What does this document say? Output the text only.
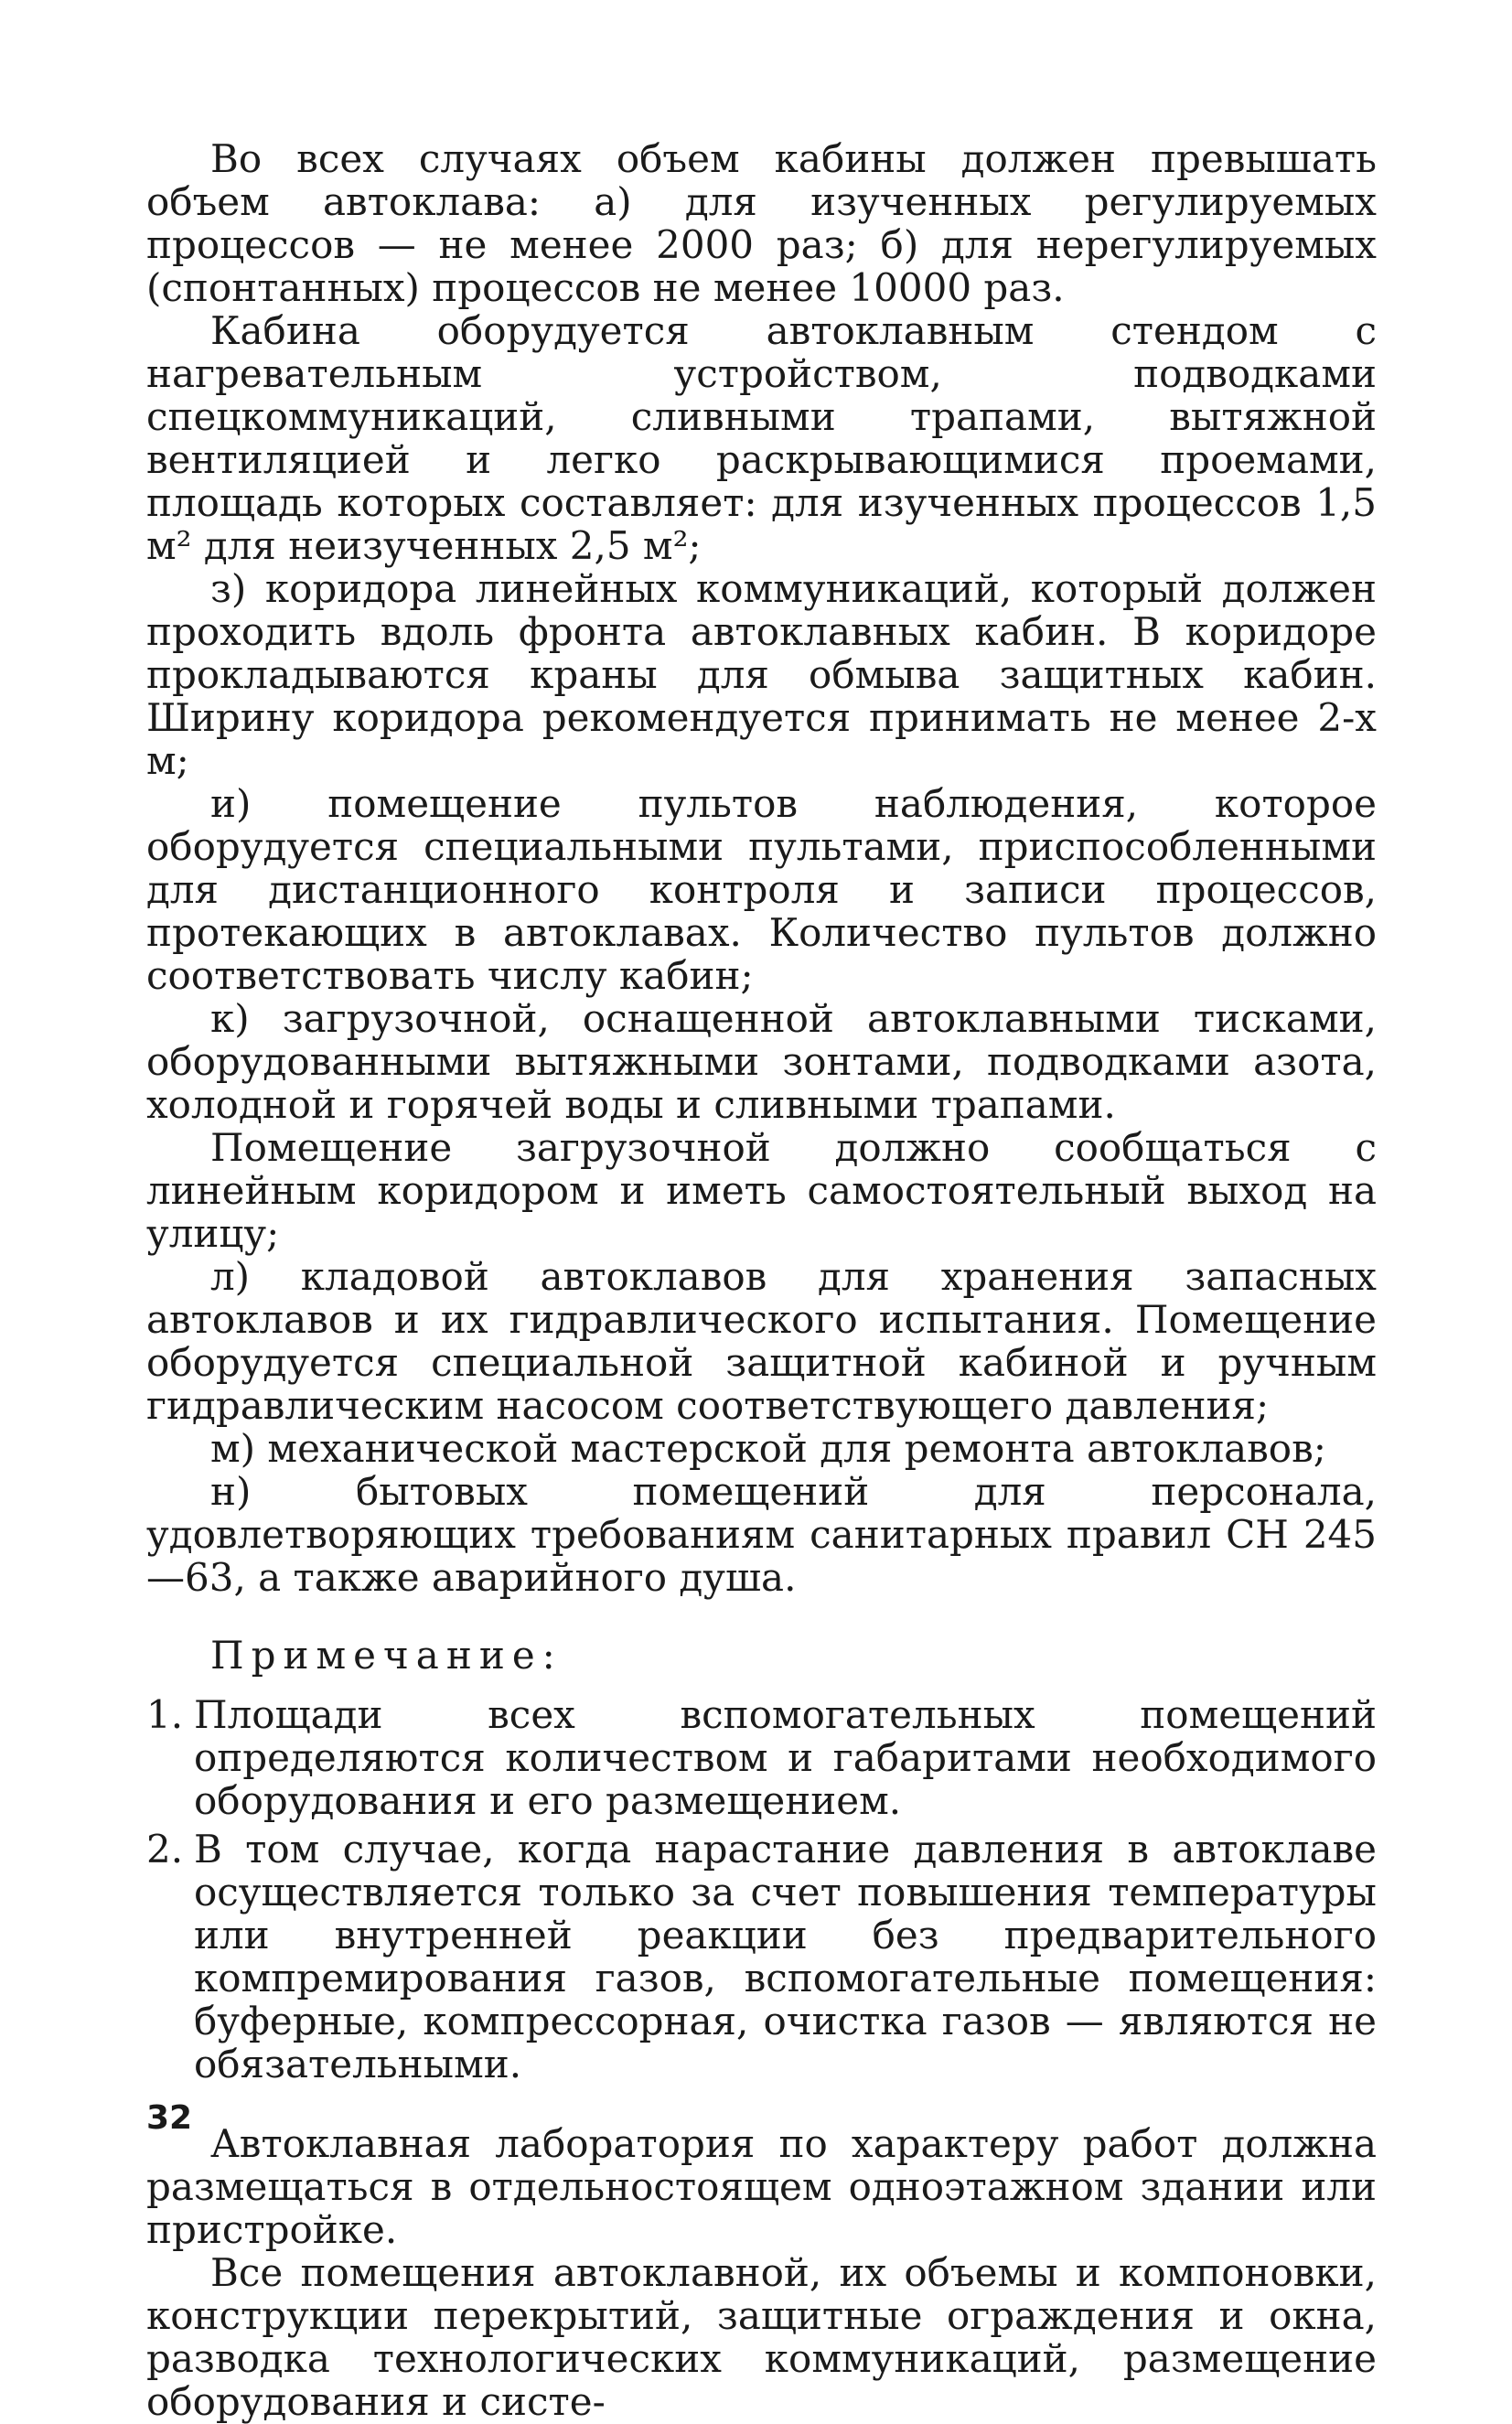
Во всех случаях объем кабины должен превышать объем автоклава: а) для изученных регулируемых процессов — не менее 2000 раз; б) для нерегулируемых (спонтанных) процессов не менее 10000 раз.

Кабина оборудуется автоклавным стендом с нагревательным устройством, подводками спецкоммуникаций, сливными трапами, вытяжной вентиляцией и легко раскрывающимися проемами, площадь которых составляет: для изученных процессов 1,5 м² для неизученных 2,5 м²;

з) коридора линейных коммуникаций, который должен проходить вдоль фронта автоклавных кабин. В коридоре прокладываются краны для обмыва защитных кабин. Ширину коридора рекомендуется принимать не менее 2-х м;

и) помещение пультов наблюдения, которое оборудуется специальными пультами, приспособленными для дистанционного контроля и записи процессов, протекающих в автоклавах. Количество пультов должно соответствовать числу кабин;

к) загрузочной, оснащенной автоклавными тисками, оборудованными вытяжными зонтами, подводками азота, холодной и горячей воды и сливными трапами.

Помещение загрузочной должно сообщаться с линейным коридором и иметь самостоятельный выход на улицу;

л) кладовой автоклавов для хранения запасных автоклавов и их гидравлического испытания. Помещение оборудуется специальной защитной кабиной и ручным гидравлическим насосом соответствующего давления;

м) механической мастерской для ремонта автоклавов;

н) бытовых помещений для персонала, удовлетворяющих требованиям санитарных правил СН 245—63, а также аварийного душа.

Примечание:
1. Площади всех вспомогательных помещений определяются количеством и габаритами необходимого оборудования и его размещением.
2. В том случае, когда нарастание давления в автоклаве осуществляется только за счет повышения температуры или внутренней реакции без предварительного компремирования газов, вспомогательные помещения: буферные, компрессорная, очистка газов — являются не обязательными.

Автоклавная лаборатория по характеру работ должна размещаться в отдельностоящем одноэтажном здании или пристройке.

Все помещения автоклавной, их объемы и компоновки, конструкции перекрытий, защитные ограждения и окна, разводка технологических коммуникаций, размещение оборудования и систе-

32
